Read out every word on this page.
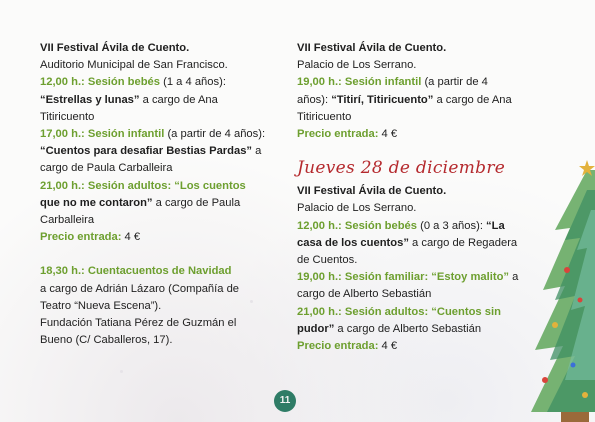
VII Festival Ávila de Cuento.

Auditorio Municipal de San Francisco.

12,00 h.: Sesión bebés (1 a 4 años):

“Estrellas y lunas” a cargo de Ana

Titiricuento

17,00 h.: Sesión infantil (a partir de 4 años):

“Cuentos para desafiar Bestias Pardas” a

cargo de Paula Carballeira

21,00 h.: Sesión adultos: “Los cuentos

que no me contaron” a cargo de Paula

Carballeira

Precio entrada: 4 €

18,30 h.: Cuentacuentos de Navidad

a cargo de Adrián Lázaro (Compañía de

Teatro “Nueva Escena”).

Fundación Tatiana Pérez de Guzmán el

Bueno (C/ Caballeros, 17).

VII Festival Ávila de Cuento.

Palacio de Los Serrano.

19,00 h.: Sesión infantil (a partir de 4

años): “Titirí, Titiricuento” a cargo de Ana

Titiricuento

Precio entrada: 4 €

Jueves 28 de diciembre

VII Festival Ávila de Cuento.

Palacio de Los Serrano.

12,00 h.: Sesión bebés (0 a 3 años): “La

casa de los cuentos” a cargo de Regadera

de Cuentos.

19,00 h.: Sesión familiar: “Estoy malito” a

cargo de Alberto Sebastián

21,00 h.: Sesión adultos: “Cuentos sin

pudor” a cargo de Alberto Sebastián

Precio entrada: 4 €

11
